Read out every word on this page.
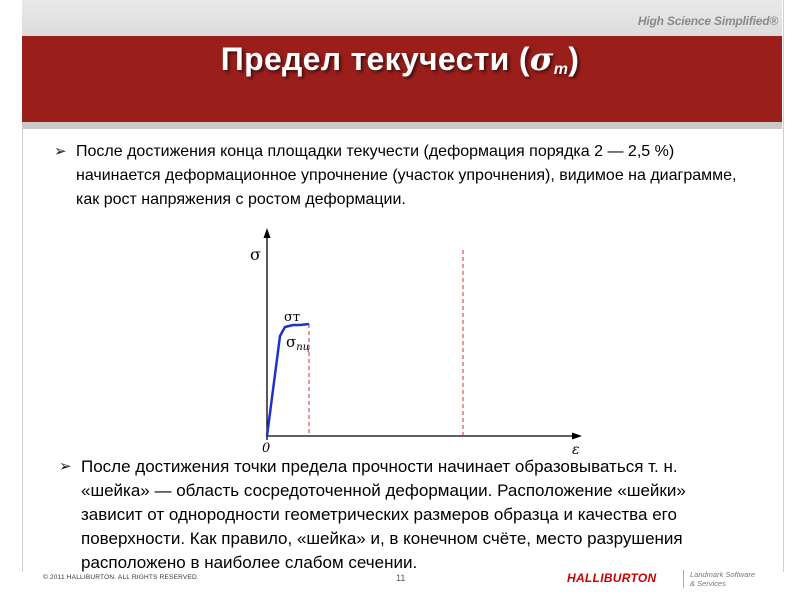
High Science Simplified®
Предел текучести $(\sigma_т)$
➢ После достижения конца площадки текучести (деформация порядка 2 — 2,5 %) начинается деформационное упрочнение (участок упрочнения), видимое на диаграмме, как рост напряжения с ростом деформации.
σ
ε
0
σт
$\sigma_{пц}$
➢ После достижения точки предела прочности начинает образовываться т. н. «шейка» — область сосредоточенной деформации. Расположение «шейки» зависит от однородности геометрических размеров образца и качества его поверхности. Как правило, «шейка» и, в конечном счёте, место разрушения расположено в наиболее слабом сечении.
© 2011 HALLIBURTON. ALL RIGHTS RESERVED.	11	HALLIBURTON	Landmark Software
& Services
